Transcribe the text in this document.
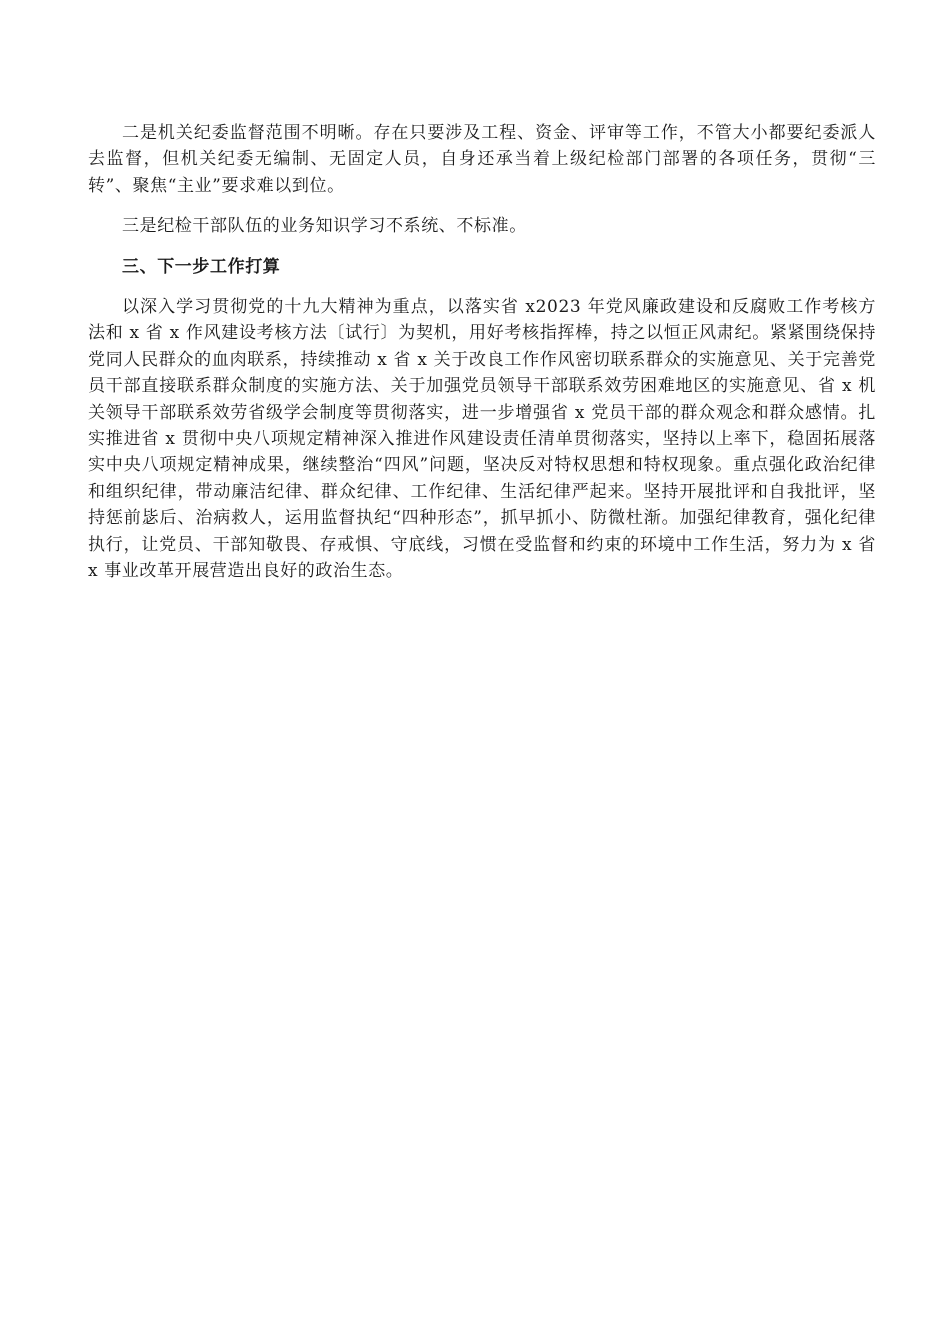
二是机关纪委监督范围不明晰。存在只要涉及工程、资金、评审等工作，不管大小都要纪委派人去监督，但机关纪委无编制、无固定人员，自身还承当着上级纪检部门部署的各项任务，贯彻“三转”、聚焦“主业”要求难以到位。

三是纪检干部队伍的业务知识学习不系统、不标准。

三、下一步工作打算

以深入学习贯彻党的十九大精神为重点，以落实省 x2023 年党风廉政建设和反腐败工作考核方法和 x 省 x 作风建设考核方法〔试行〕为契机，用好考核指挥棒，持之以恒正风肃纪。紧紧围绕保持党同人民群众的血肉联系，持续推动 x 省 x 关于改良工作作风密切联系群众的实施意见、关于完善党员干部直接联系群众制度的实施方法、关于加强党员领导干部联系效劳困难地区的实施意见、省 x 机关领导干部联系效劳省级学会制度等贯彻落实，进一步增强省 x 党员干部的群众观念和群众感情。扎实推进省 x 贯彻中央八项规定精神深入推进作风建设责任清单贯彻落实，坚持以上率下，稳固拓展落实中央八项规定精神成果，继续整治“四风”问题，坚决反对特权思想和特权现象。重点强化政治纪律和组织纪律，带动廉洁纪律、群众纪律、工作纪律、生活纪律严起来。坚持开展批评和自我批评，坚持惩前毖后、治病救人，运用监督执纪“四种形态”，抓早抓小、防微杜渐。加强纪律教育，强化纪律执行，让党员、干部知敬畏、存戒惧、守底线，习惯在受监督和约束的环境中工作生活，努力为 x 省 x 事业改革开展营造出良好的政治生态。
